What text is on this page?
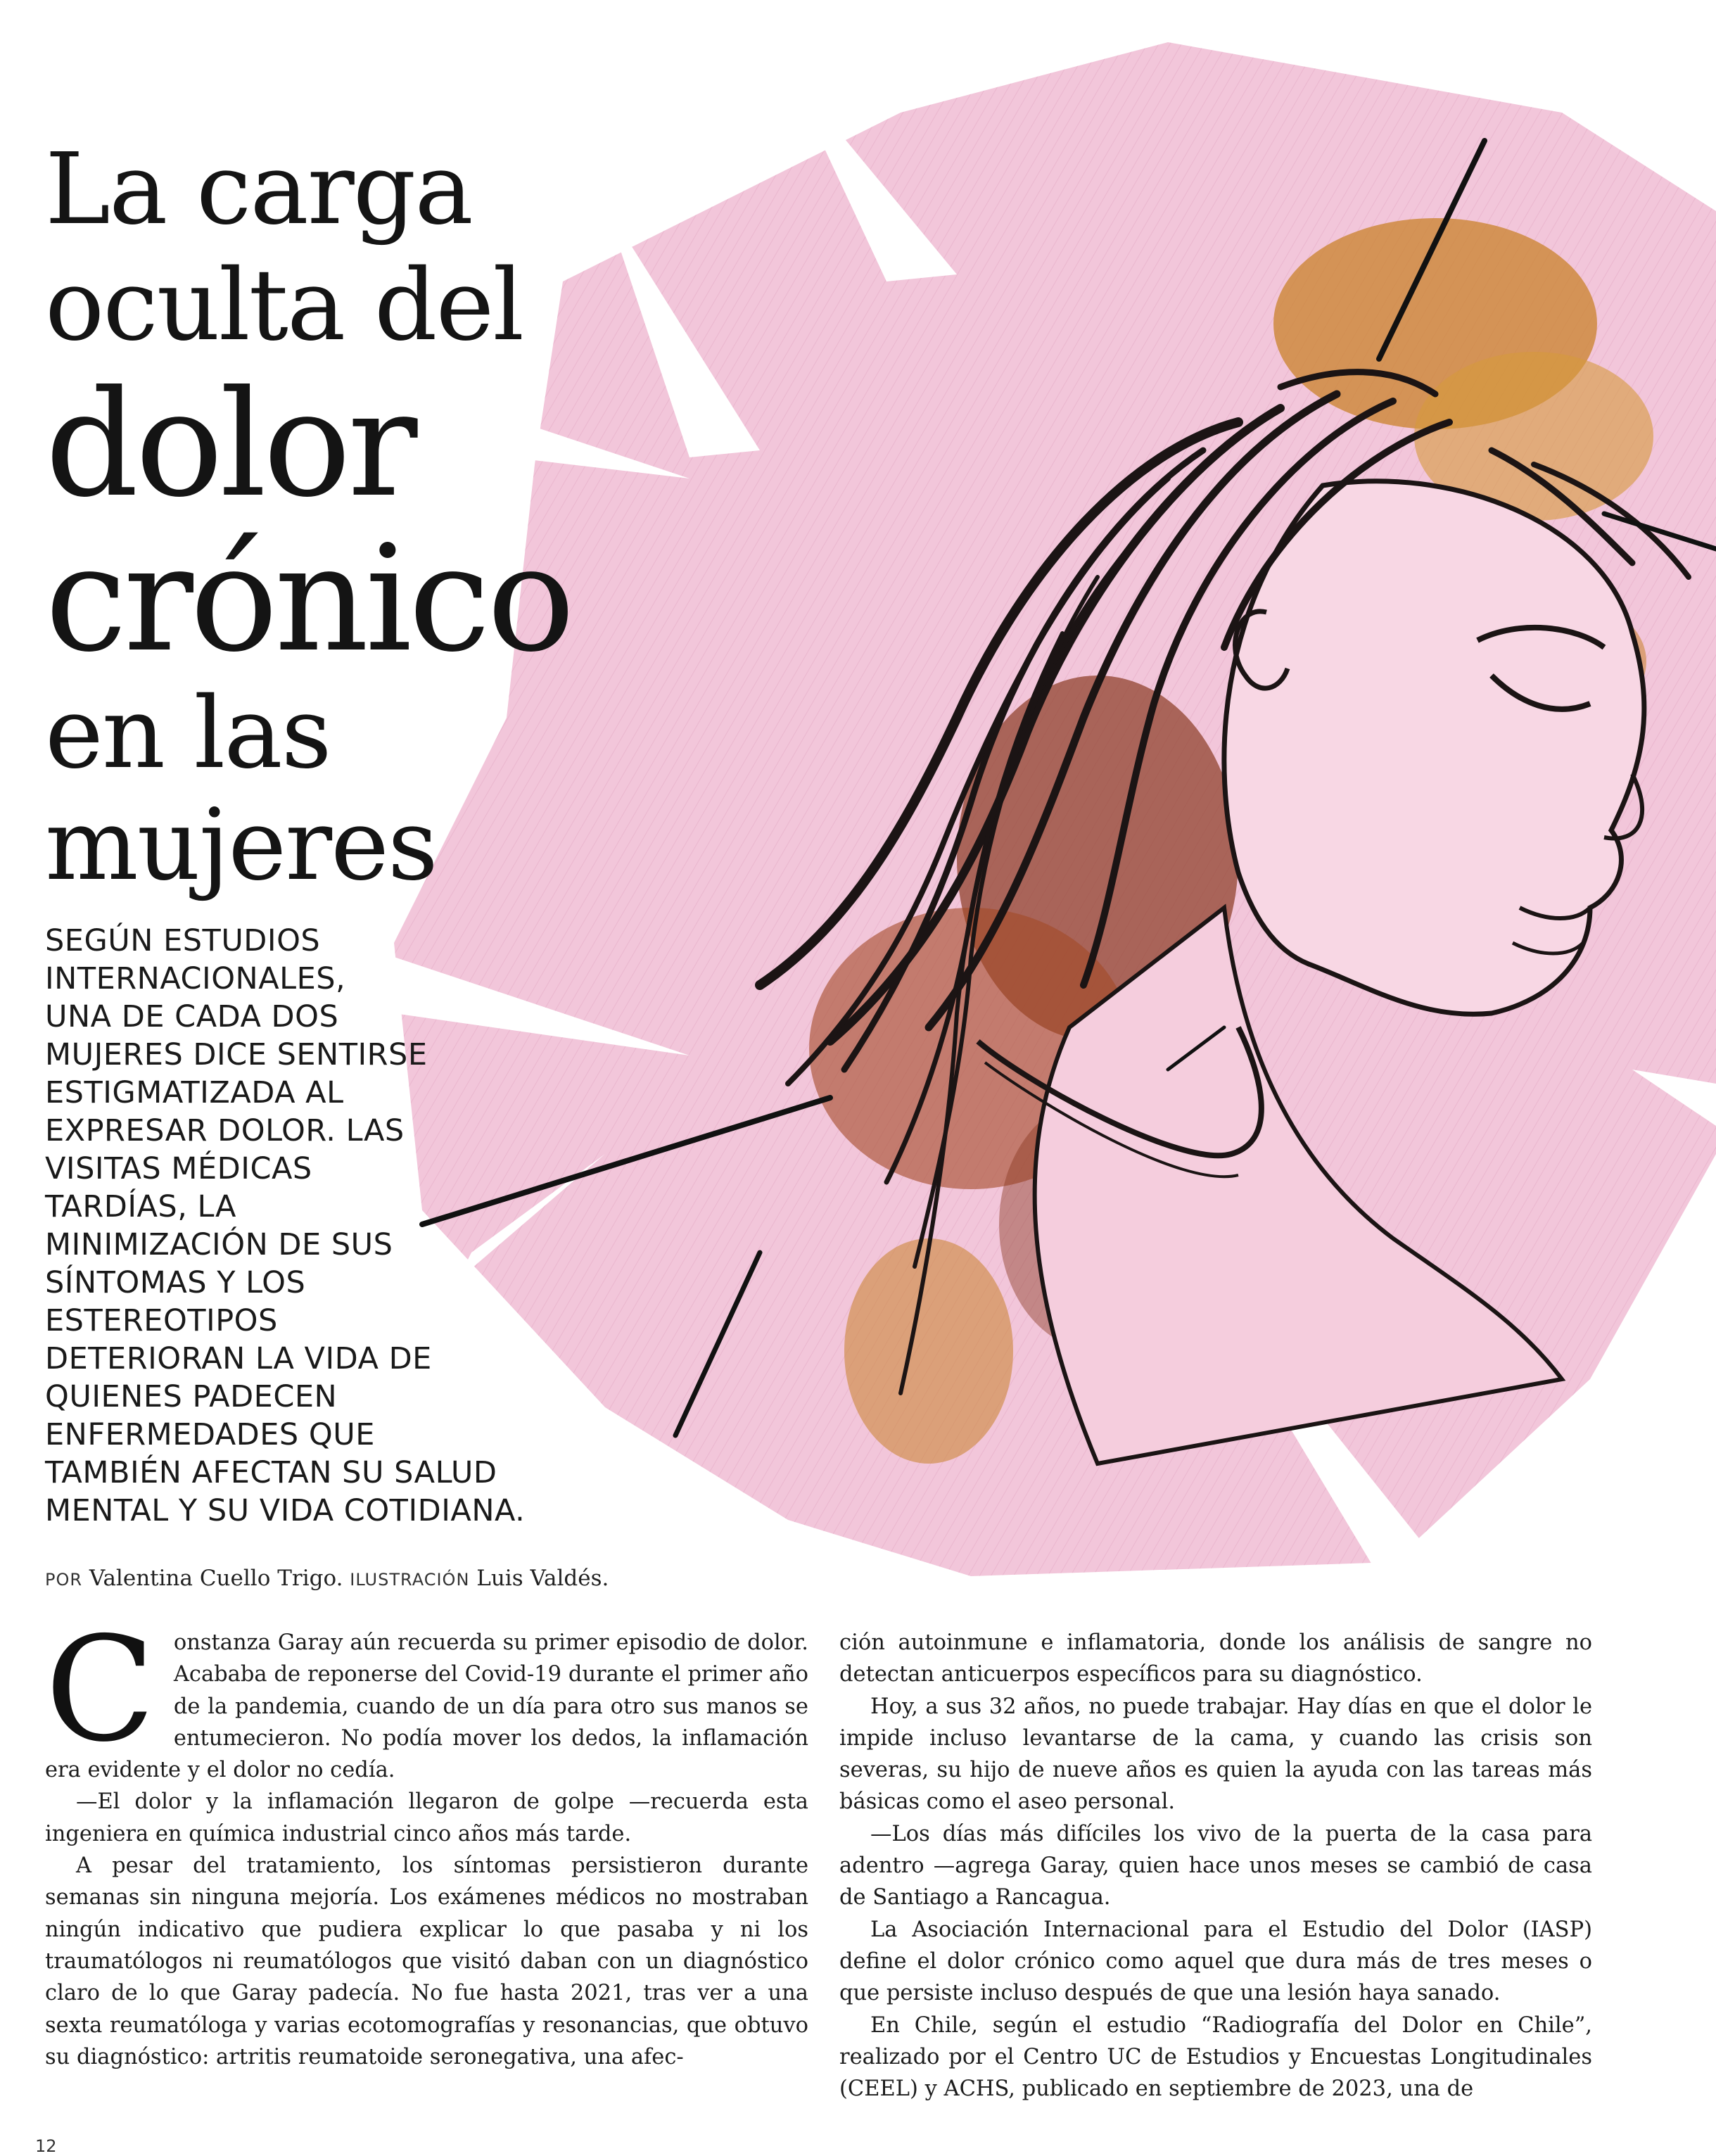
La carga
oculta del
dolor
crónico
en las
mujeres

SEGÚN ESTUDIOS
INTERNACIONALES,
UNA DE CADA DOS
MUJERES DICE SENTIRSE
ESTIGMATIZADA AL
EXPRESAR DOLOR. LAS
VISITAS MÉDICAS
TARDÍAS, LA
MINIMIZACIÓN DE SUS
SÍNTOMAS Y LOS
ESTEREOTIPOS
DETERIORAN LA VIDA DE
QUIENES PADECEN
ENFERMEDADES QUE
TAMBIÉN AFECTAN SU SALUD
MENTAL Y SU VIDA COTIDIANA.

POR Valentina Cuello Trigo. ILUSTRACIÓN Luis Valdés.
C onstanza Garay aún recuerda su primer episodio de dolor. Acababa de reponerse del Covid-19 durante el primer año de la pandemia, cuando de un día para otro sus manos se entumecieron. No podía mover los dedos, la inflamación era evidente y el dolor no cedía.

—El dolor y la inflamación llegaron de golpe —recuerda esta ingeniera en química industrial cinco años más tarde.

A pesar del tratamiento, los síntomas persistieron durante semanas sin ninguna mejoría. Los exámenes médicos no mostraban ningún indicativo que pudiera explicar lo que pasaba y ni los traumatólogos ni reumatólogos que visitó daban con un diagnóstico claro de lo que Garay padecía. No fue hasta 2021, tras ver a una sexta reumatóloga y varias ecotomografías y resonancias, que obtuvo su diagnóstico: artritis reumatoide seronegativa, una afec-

ción autoinmune e inflamatoria, donde los análisis de sangre no detectan anticuerpos específicos para su diagnóstico.

Hoy, a sus 32 años, no puede trabajar. Hay días en que el dolor le impide incluso levantarse de la cama, y cuando las crisis son severas, su hijo de nueve años es quien la ayuda con las tareas más básicas como el aseo personal.

—Los días más difíciles los vivo de la puerta de la casa para adentro —agrega Garay, quien hace unos meses se cambió de casa de Santiago a Rancagua.

La Asociación Internacional para el Estudio del Dolor (IASP) define el dolor crónico como aquel que dura más de tres meses o que persiste incluso después de que una lesión haya sanado.

En Chile, según el estudio “Radiografía del Dolor en Chile”, realizado por el Centro UC de Estudios y Encuestas Longitudinales (CEEL) y ACHS, publicado en septiembre de 2023, una de

12
